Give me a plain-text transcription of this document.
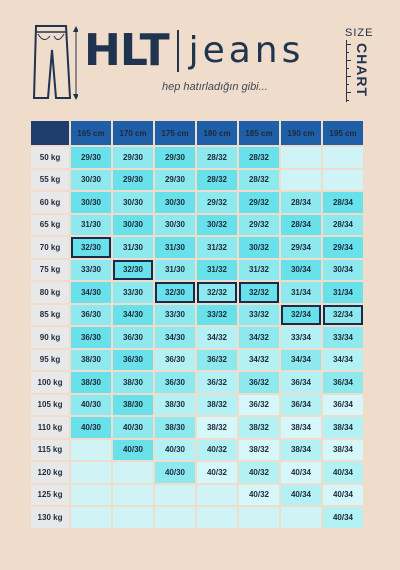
HLT jeans
hep hatırladığın gibi...
SIZE
CHART
	165 cm	170 cm	175 cm	180 cm	185 cm	190 cm	195 cm
50 kg	29/30	29/30	29/30	28/32	28/32		
55 kg	30/30	29/30	29/30	28/32	28/32		
60 kg	30/30	30/30	30/30	29/32	29/32	28/34	28/34
65 kg	31/30	30/30	30/30	30/32	29/32	28/34	28/34
70 kg	32/30	31/30	31/30	31/32	30/32	29/34	29/34
75 kg	33/30	32/30	31/30	31/32	31/32	30/34	30/34
80 kg	34/30	33/30	32/30	32/32	32/32	31/34	31/34
85 kg	36/30	34/30	33/30	33/32	33/32	32/34	32/34
90 kg	36/30	36/30	34/30	34/32	34/32	33/34	33/34
95 kg	38/30	36/30	36/30	36/32	34/32	34/34	34/34
100 kg	38/30	38/30	36/30	36/32	36/32	36/34	36/34
105 kg	40/30	38/30	38/30	38/32	36/32	36/34	36/34
110 kg	40/30	40/30	38/30	38/32	38/32	38/34	38/34
115 kg		40/30	40/30	40/32	38/32	38/34	38/34
120 kg			40/30	40/32	40/32	40/34	40/34
125 kg					40/32	40/34	40/34
130 kg							40/34
